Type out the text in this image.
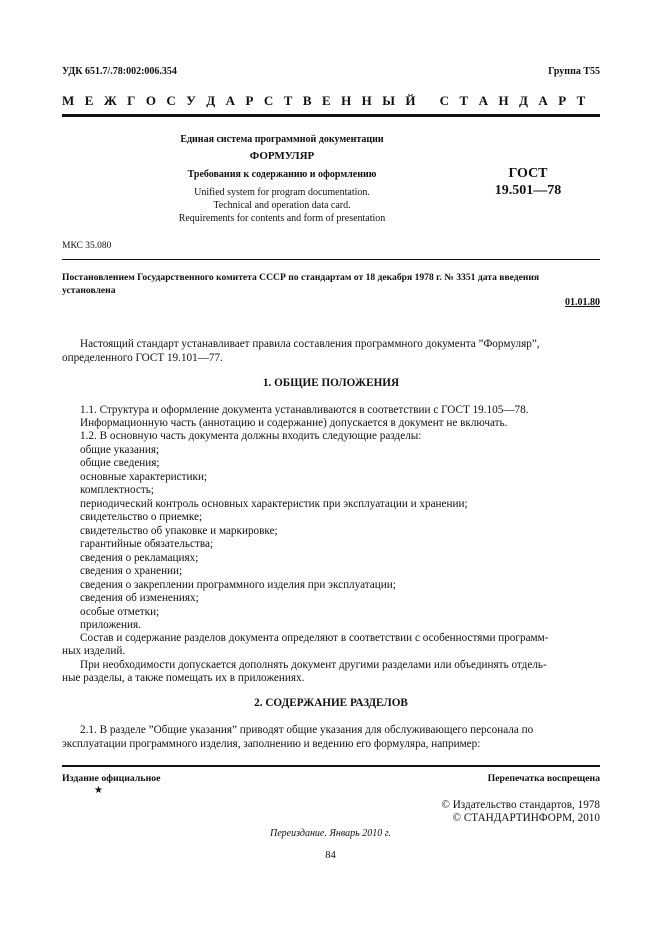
УДК 651.7/.78:002:006.354	Группа Т55
М Е Ж Г О С У Д А Р С Т В Е Н Н Ы Й   С Т А Н Д А Р Т
Единая система программной документации
ФОРМУЛЯР
Требования к содержанию и оформлению
Unified system for program documentation.
Technical and operation data card.
Requirements for contents and form of presentation
ГОСТ
19.501—78
МКС 35.080
Постановлением Государственного комитета СССР по стандартам от 18 декабря 1978 г. № 3351 дата введения
установлена
01.01.80
Настоящий стандарт устанавливает правила составления программного документа ”Формуляр”,
определенного ГОСТ 19.101—77.
1. ОБЩИЕ ПОЛОЖЕНИЯ
1.1. Структура и оформление документа устанавливаются в соответствии с ГОСТ 19.105—78.
Информационную часть (аннотацию и содержание) допускается в документ не включать.
1.2. В основную часть документа должны входить следующие разделы:
общие указания;
общие сведения;
основные характеристики;
комплектность;
периодический контроль основных характеристик при эксплуатации и хранении;
свидетельство о приемке;
свидетельство об упаковке и маркировке;
гарантийные обязательства;
сведения о рекламациях;
сведения о хранении;
сведения о закреплении программного изделия при эксплуатации;
сведения об изменениях;
особые отметки;
приложения.
Состав и содержание разделов документа определяют в соответствии с особенностями программ-
ных изделий.
При необходимости допускается дополнять документ другими разделами или объединять отдель-
ные разделы, а также помещать их в приложениях.
2. СОДЕРЖАНИЕ РАЗДЕЛОВ
2.1. В разделе ”Общие указания” приводят общие указания для обслуживающего персонала по
эксплуатации программного изделия, заполнению и ведению его формуляра, например:
Издание официальное
★
Перепечатка воспрещена
© Издательство стандартов, 1978
© СТАНДАРТИНФОРМ, 2010
Переиздание. Январь 2010 г.
84
